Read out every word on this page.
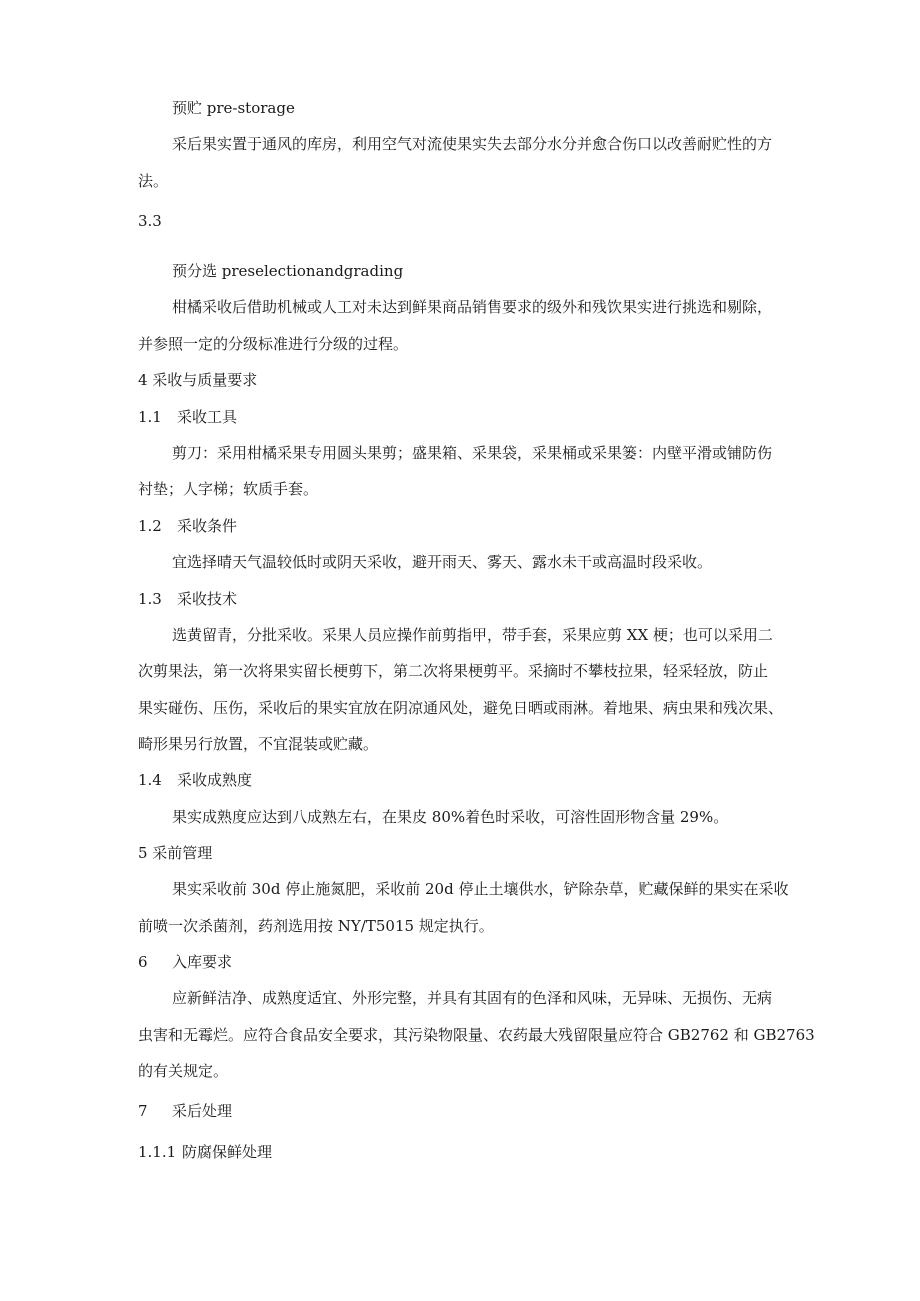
预贮 pre-storage
采后果实置于通风的库房，利用空气对流使果实失去部分水分并愈合伤口以改善耐贮性的方
法。
3.3
预分选 preselectionandgrading
柑橘采收后借助机械或人工对未达到鲜果商品销售要求的级外和残饮果实进行挑选和剔除，
并参照一定的分级标准进行分级的过程。
4 采收与质量要求
1.1 采收工具
剪刀：采用柑橘采果专用圆头果剪；盛果箱、采果袋，采果桶或采果篓：内壁平滑或铺防伤
衬垫；人字梯；软质手套。
1.2 采收条件
宜选择晴天气温较低时或阴天采收，避开雨天、雾天、露水未干或高温时段采收。
1.3 采收技术
选黄留青，分批采收。采果人员应操作前剪指甲，带手套，采果应剪 XX 梗；也可以采用二
次剪果法，第一次将果实留长梗剪下，第二次将果梗剪平。采摘时不攀枝拉果，轻采轻放，防止
果实碰伤、压伤，采收后的果实宜放在阴凉通风处，避免日晒或雨淋。着地果、病虫果和残次果、
畸形果另行放置，不宜混装或贮藏。
1.4 采收成熟度
果实成熟度应达到八成熟左右，在果皮 80%着色时采收，可溶性固形物含量 29%。
5 采前管理
果实采收前 30d 停止施氮肥，采收前 20d 停止土壤供水，铲除杂草，贮藏保鲜的果实在采收
前喷一次杀菌剂，药剂选用按 NY/T5015 规定执行。
6 入库要求
应新鲜洁净、成熟度适宜、外形完整，并具有其固有的色泽和风味，无异味、无损伤、无病
虫害和无霉烂。应符合食品安全要求，其污染物限量、农药最大残留限量应符合 GB2762 和 GB2763
的有关规定。
7 采后处理
1.1.1 防腐保鲜处理
